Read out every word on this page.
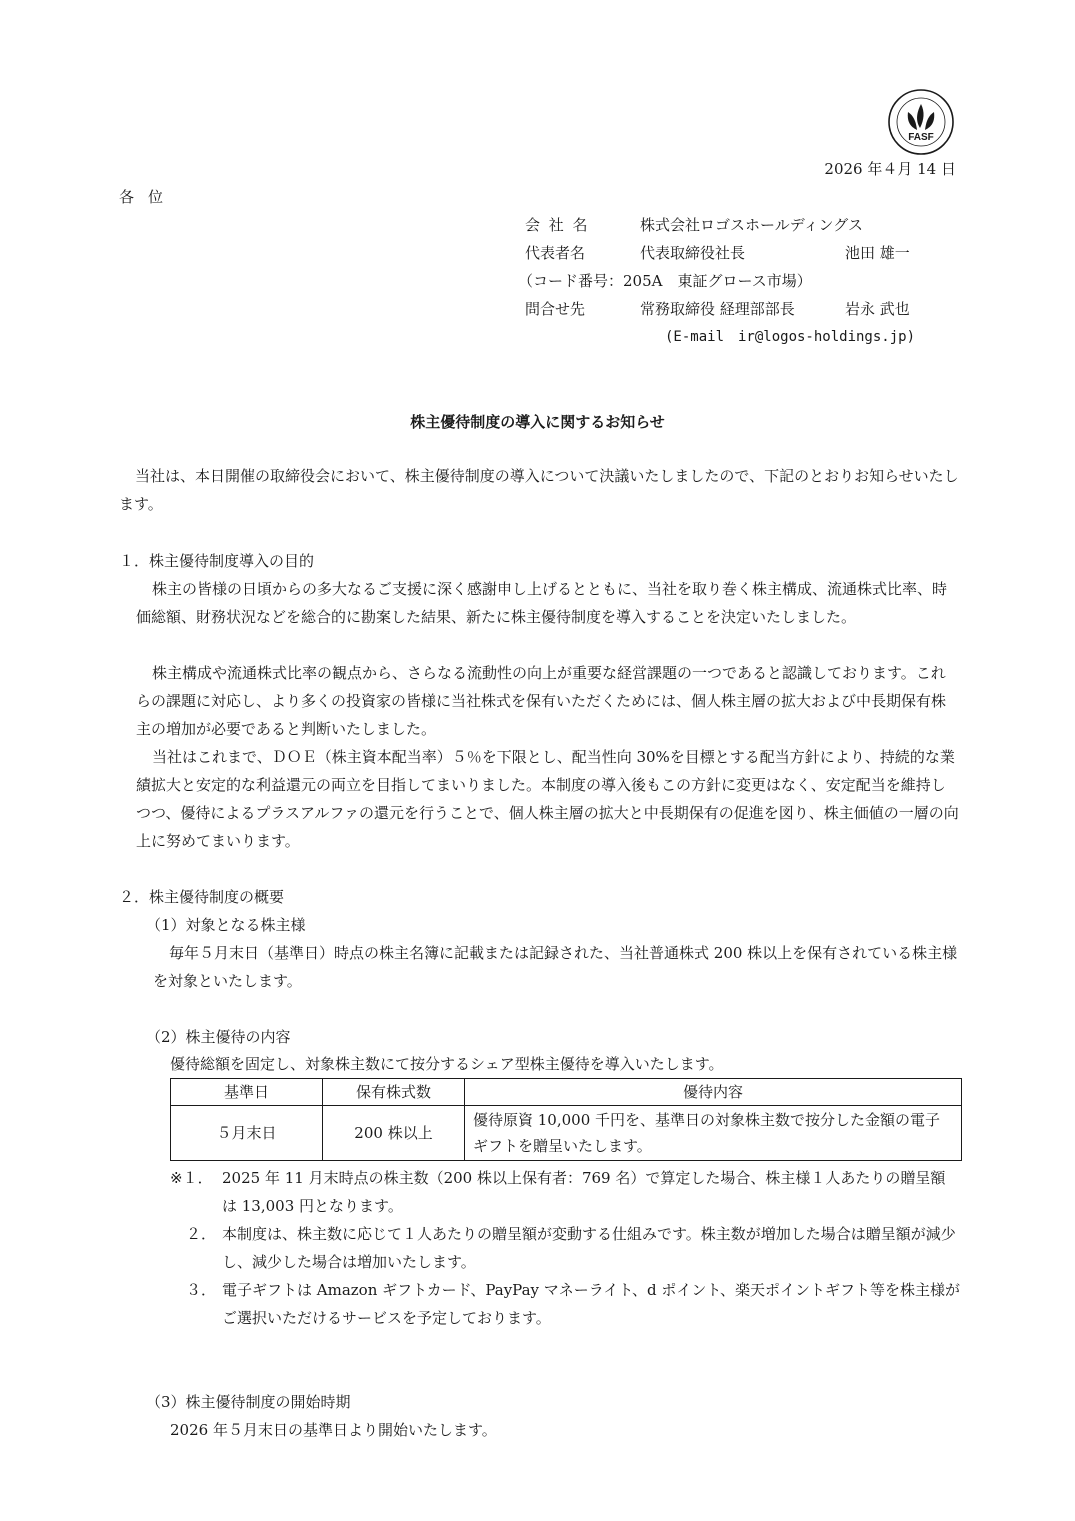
FASF
2026 年４月 14 日
各位
会 社 名	株式会社ロゴスホールディングス
代表者名	代表取締役社長	池田 雄一
（コード番号：205A　東証グロース市場）
問合せ先	常務取締役 経理部部長	岩永 武也
(E-mail　ir@logos-holdings.jp)
株主優待制度の導入に関するお知らせ
当社は、本日開催の取締役会において、株主優待制度の導入について決議いたしましたので、下記のとおりお知らせいたします。
１．株主優待制度導入の目的
株主の皆様の日頃からの多大なるご支援に深く感謝申し上げるとともに、当社を取り巻く株主構成、流通株式比率、時価総額、財務状況などを総合的に勘案した結果、新たに株主優待制度を導入することを決定いたしました。
株主構成や流通株式比率の観点から、さらなる流動性の向上が重要な経営課題の一つであると認識しております。これらの課題に対応し、より多くの投資家の皆様に当社株式を保有いただくためには、個人株主層の拡大および中長期保有株主の増加が必要であると判断いたしました。
当社はこれまで、ＤＯＥ（株主資本配当率）５％を下限とし、配当性向 30%を目標とする配当方針により、持続的な業績拡大と安定的な利益還元の両立を目指してまいりました。本制度の導入後もこの方針に変更はなく、安定配当を維持しつつ、優待によるプラスアルファの還元を行うことで、個人株主層の拡大と中長期保有の促進を図り、株主価値の一層の向上に努めてまいります。
２．株主優待制度の概要
（1）対象となる株主様
毎年５月末日（基準日）時点の株主名簿に記載または記録された、当社普通株式 200 株以上を保有されている株主様を対象といたします。
（2）株主優待の内容
優待総額を固定し、対象株主数にて按分するシェア型株主優待を導入いたします。
基準日	保有株式数	優待内容
５月末日	200 株以上	優待原資 10,000 千円を、基準日の対象株主数で按分した金額の電子ギフトを贈呈いたします。
※１． 2025 年 11 月末時点の株主数（200 株以上保有者：769 名）で算定した場合、株主様１人あたりの贈呈額は 13,003 円となります。
２． 本制度は、株主数に応じて１人あたりの贈呈額が変動する仕組みです。株主数が増加した場合は贈呈額が減少し、減少した場合は増加いたします。
３． 電子ギフトは Amazon ギフトカード、PayPay マネーライト、d ポイント、楽天ポイントギフト等を株主様がご選択いただけるサービスを予定しております。
（3）株主優待制度の開始時期
2026 年５月末日の基準日より開始いたします。
